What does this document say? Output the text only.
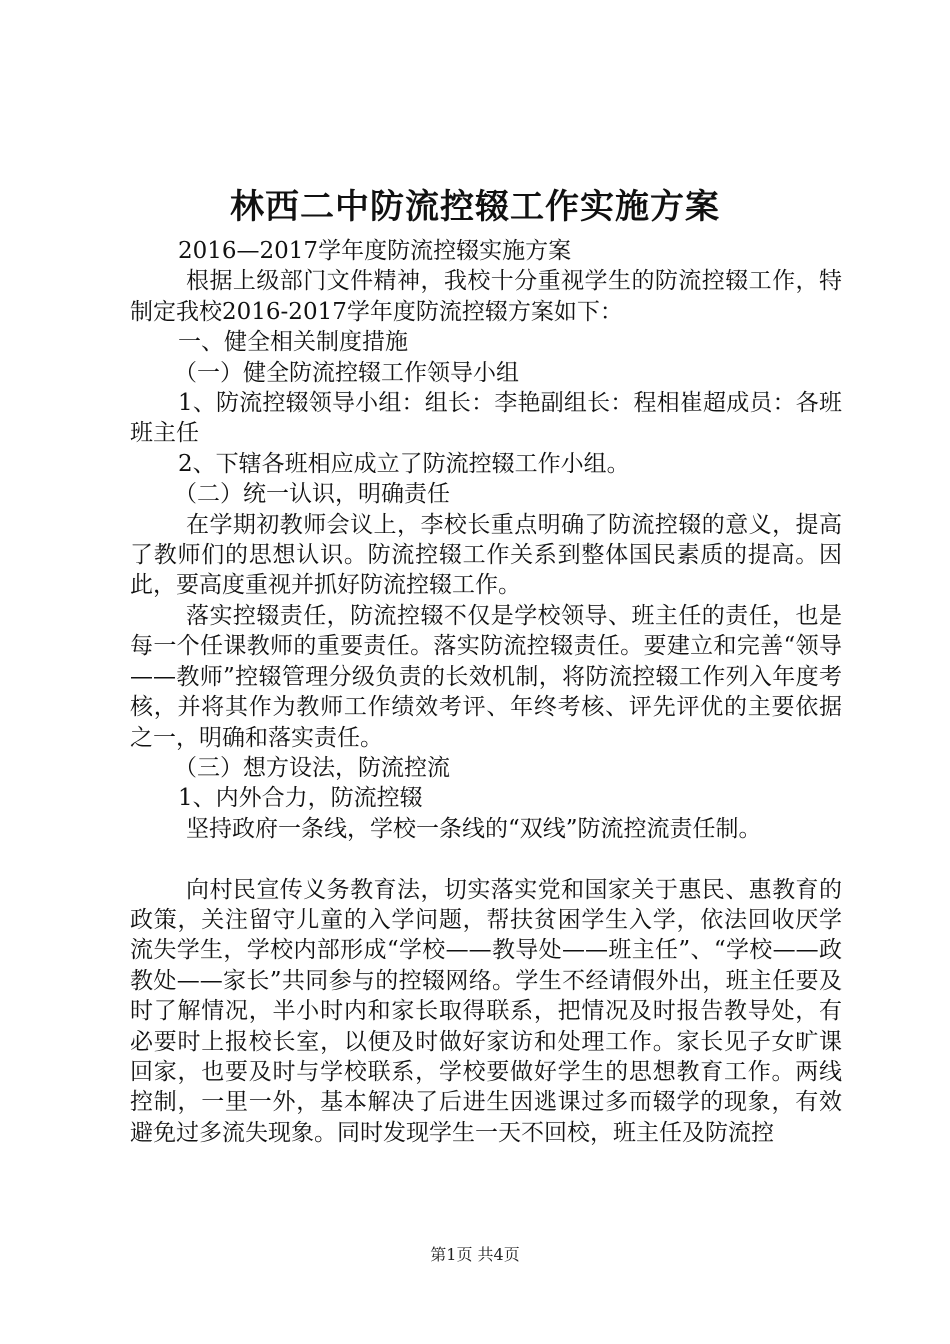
林西二中防流控辍工作实施方案

2016—2017学年度防流控辍实施方案

根据上级部门文件精神，我校十分重视学生的防流控辍工作，特制定我校2016-2017学年度防流控辍方案如下：

一、健全相关制度措施

（一）健全防流控辍工作领导小组

1、防流控辍领导小组：组长：李艳副组长：程相崔超成员：各班班主任

2、下辖各班相应成立了防流控辍工作小组。

（二）统一认识，明确责任

在学期初教师会议上，李校长重点明确了防流控辍的意义，提高了教师们的思想认识。防流控辍工作关系到整体国民素质的提高。因此，要高度重视并抓好防流控辍工作。

落实控辍责任，防流控辍不仅是学校领导、班主任的责任，也是每一个任课教师的重要责任。落实防流控辍责任。要建立和完善“领导——教师”控辍管理分级负责的长效机制，将防流控辍工作列入年度考核，并将其作为教师工作绩效考评、年终考核、评先评优的主要依据之一，明确和落实责任。

（三）想方设法，防流控流

1、内外合力，防流控辍

坚持政府一条线，学校一条线的“双线”防流控流责任制。

向村民宣传义务教育法，切实落实党和国家关于惠民、惠教育的政策，关注留守儿童的入学问题，帮扶贫困学生入学，依法回收厌学流失学生，学校内部形成“学校——教导处——班主任”、“学校——政教处——家长”共同参与的控辍网络。学生不经请假外出，班主任要及时了解情况，半小时内和家长取得联系，把情况及时报告教导处，有必要时上报校长室，以便及时做好家访和处理工作。家长见子女旷课回家，也要及时与学校联系，学校要做好学生的思想教育工作。两线控制，一里一外，基本解决了后进生因逃课过多而辍学的现象，有效避免过多流失现象。同时发现学生一天不回校，班主任及防流控

第1页 共4页
